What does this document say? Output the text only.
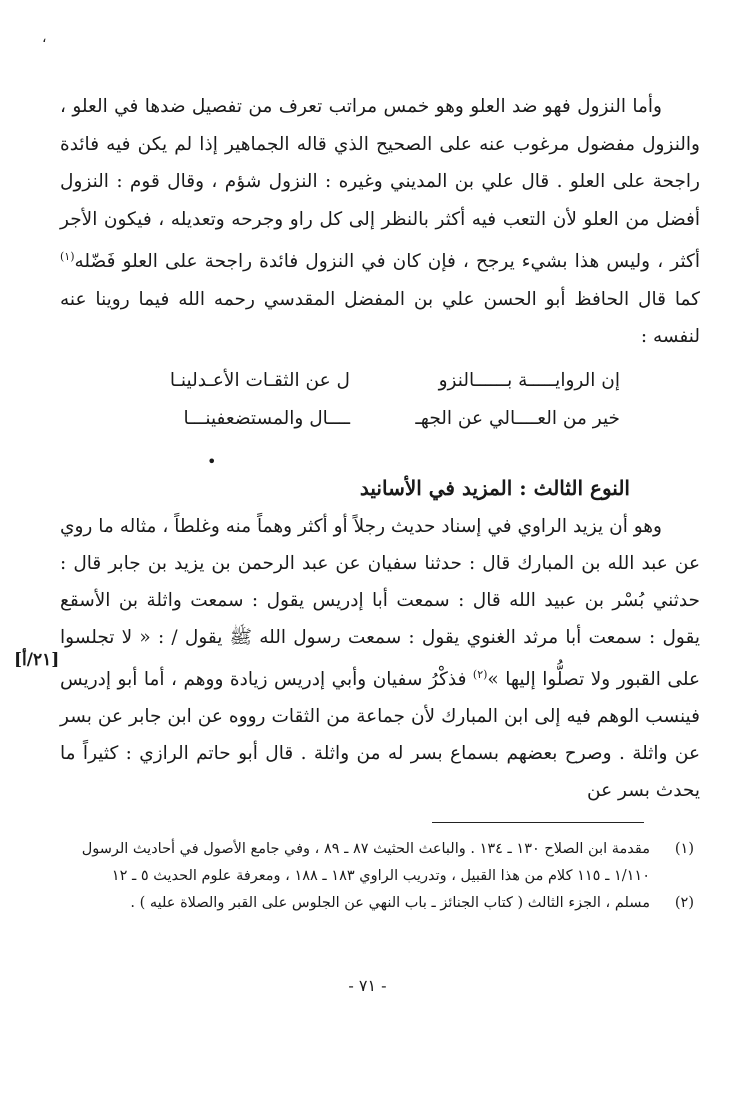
،

وأما النزول فهو ضد العلو وهو خمس مراتب تعرف من تفصيل ضدها في العلو ، والنزول مفضول مرغوب عنه على الصحيح الذي قاله الجماهير إذا لم يكن فيه فائدة راجحة على العلو . قال علي بن المديني وغيره : النزول شؤم ، وقال قوم : النزول أفضل من العلو لأن التعب فيه أكثر بالنظر إلى كل راو وجرحه وتعديله ، فيكون الأجر أكثر ، وليس هذا بشيء يرجح ، فإن كان في النزول فائدة راجحة على العلو فَضّله$^{(١)}$ كما قال الحافظ أبو الحسن علي بن المفضل المقدسي رحمه الله فيما روينا عنه لنفسه :

إن الروايـــــة بــــــالنزو
ل عن الثقـات الأعـدلينـا
خير من العــــالي عن الجهـ
ــــال والمستضعفينـــا
•
النوع الثالث : المزيد في الأسانيد

وهو أن يزيد الراوي في إسناد حديث رجلاً أو أكثر وهماً منه وغلطاً ، مثاله ما روي عن عبد الله بن المبارك قال : حدثنا سفيان عن عبد الرحمن بن يزيد بن جابر قال : حدثني بُسْر بن عبيد الله قال : سمعت أبا إدريس يقول : سمعت واثلة بن الأسقع يقول : سمعت أبا مرثد الغنوي يقول : سمعت رسول الله ﷺ يقول / : « لا تجلسوا على القبور ولا تصلُّوا إليها »$^{(٢)}$ فذكْرُ سفيان وأبي إدريس زيادة ووهم ، أما أبو إدريس فينسب الوهم فيه إلى ابن المبارك لأن جماعة من الثقات رووه عن ابن جابر عن بسر عن واثلة . وصرح بعضهم بسماع بسر له من واثلة . قال أبو حاتم الرازي : كثيراً ما يحدث بسر عن

[٢١/أ]
(١)
مقدمة ابن الصلاح ١٣٠ ـ ١٣٤ . والباعث الحثيث ٨٧ ـ ٨٩ ، وفي جامع الأصول في أحاديث الرسول ١/١١٠ ـ ١١٥ كلام من هذا القبيل ، وتدريب الراوي ١٨٣ ـ ١٨٨ ، ومعرفة علوم الحديث ٥ ـ ١٢
(٢)
مسلم ، الجزء الثالث ( كتاب الجنائز ـ باب النهي عن الجلوس على القبر والصلاة عليه ) .
- ٧١ -
